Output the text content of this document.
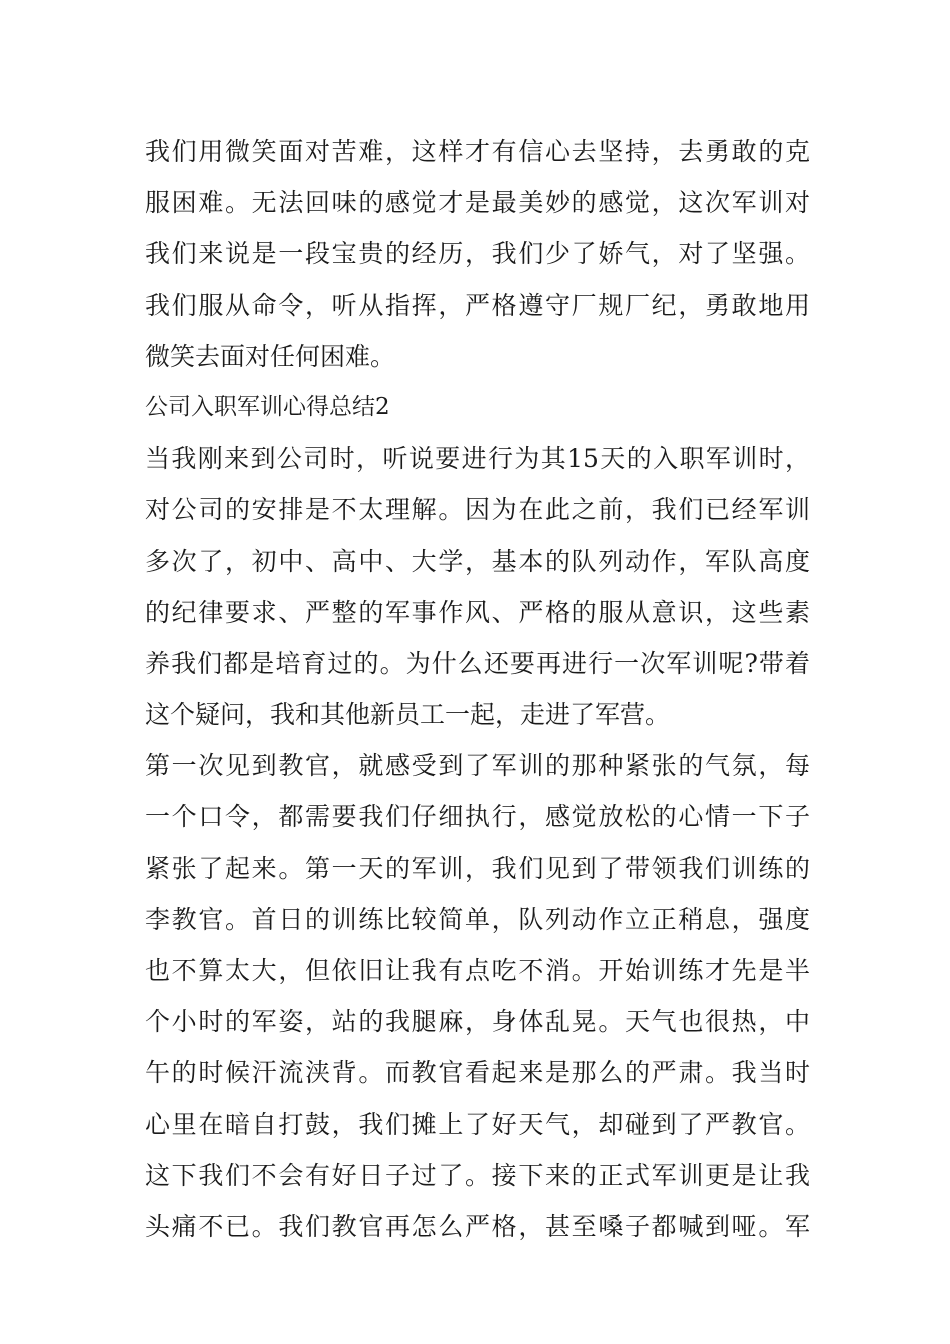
我们用微笑面对苦难，这样才有信心去坚持，去勇敢的克
服困难。无法回味的感觉才是最美妙的感觉，这次军训对
我们来说是一段宝贵的经历，我们少了娇气，对了坚强。
我们服从命令，听从指挥，严格遵守厂规厂纪，勇敢地用
微笑去面对任何困难。
公司入职军训心得总结2
当我刚来到公司时，听说要进行为其15天的入职军训时，
对公司的安排是不太理解。因为在此之前，我们已经军训
多次了，初中、高中、大学，基本的队列动作，军队高度
的纪律要求、严整的军事作风、严格的服从意识，这些素
养我们都是培育过的。为什么还要再进行一次军训呢?带着
这个疑问，我和其他新员工一起，走进了军营。
第一次见到教官，就感受到了军训的那种紧张的气氛，每
一个口令，都需要我们仔细执行，感觉放松的心情一下子
紧张了起来。第一天的军训，我们见到了带领我们训练的
李教官。首日的训练比较简单，队列动作立正稍息，强度
也不算太大，但依旧让我有点吃不消。开始训练才先是半
个小时的军姿，站的我腿麻，身体乱晃。天气也很热，中
午的时候汗流浃背。而教官看起来是那么的严肃。我当时
心里在暗自打鼓，我们摊上了好天气，却碰到了严教官。
这下我们不会有好日子过了。接下来的正式军训更是让我
头痛不已。我们教官再怎么严格，甚至嗓子都喊到哑。军
